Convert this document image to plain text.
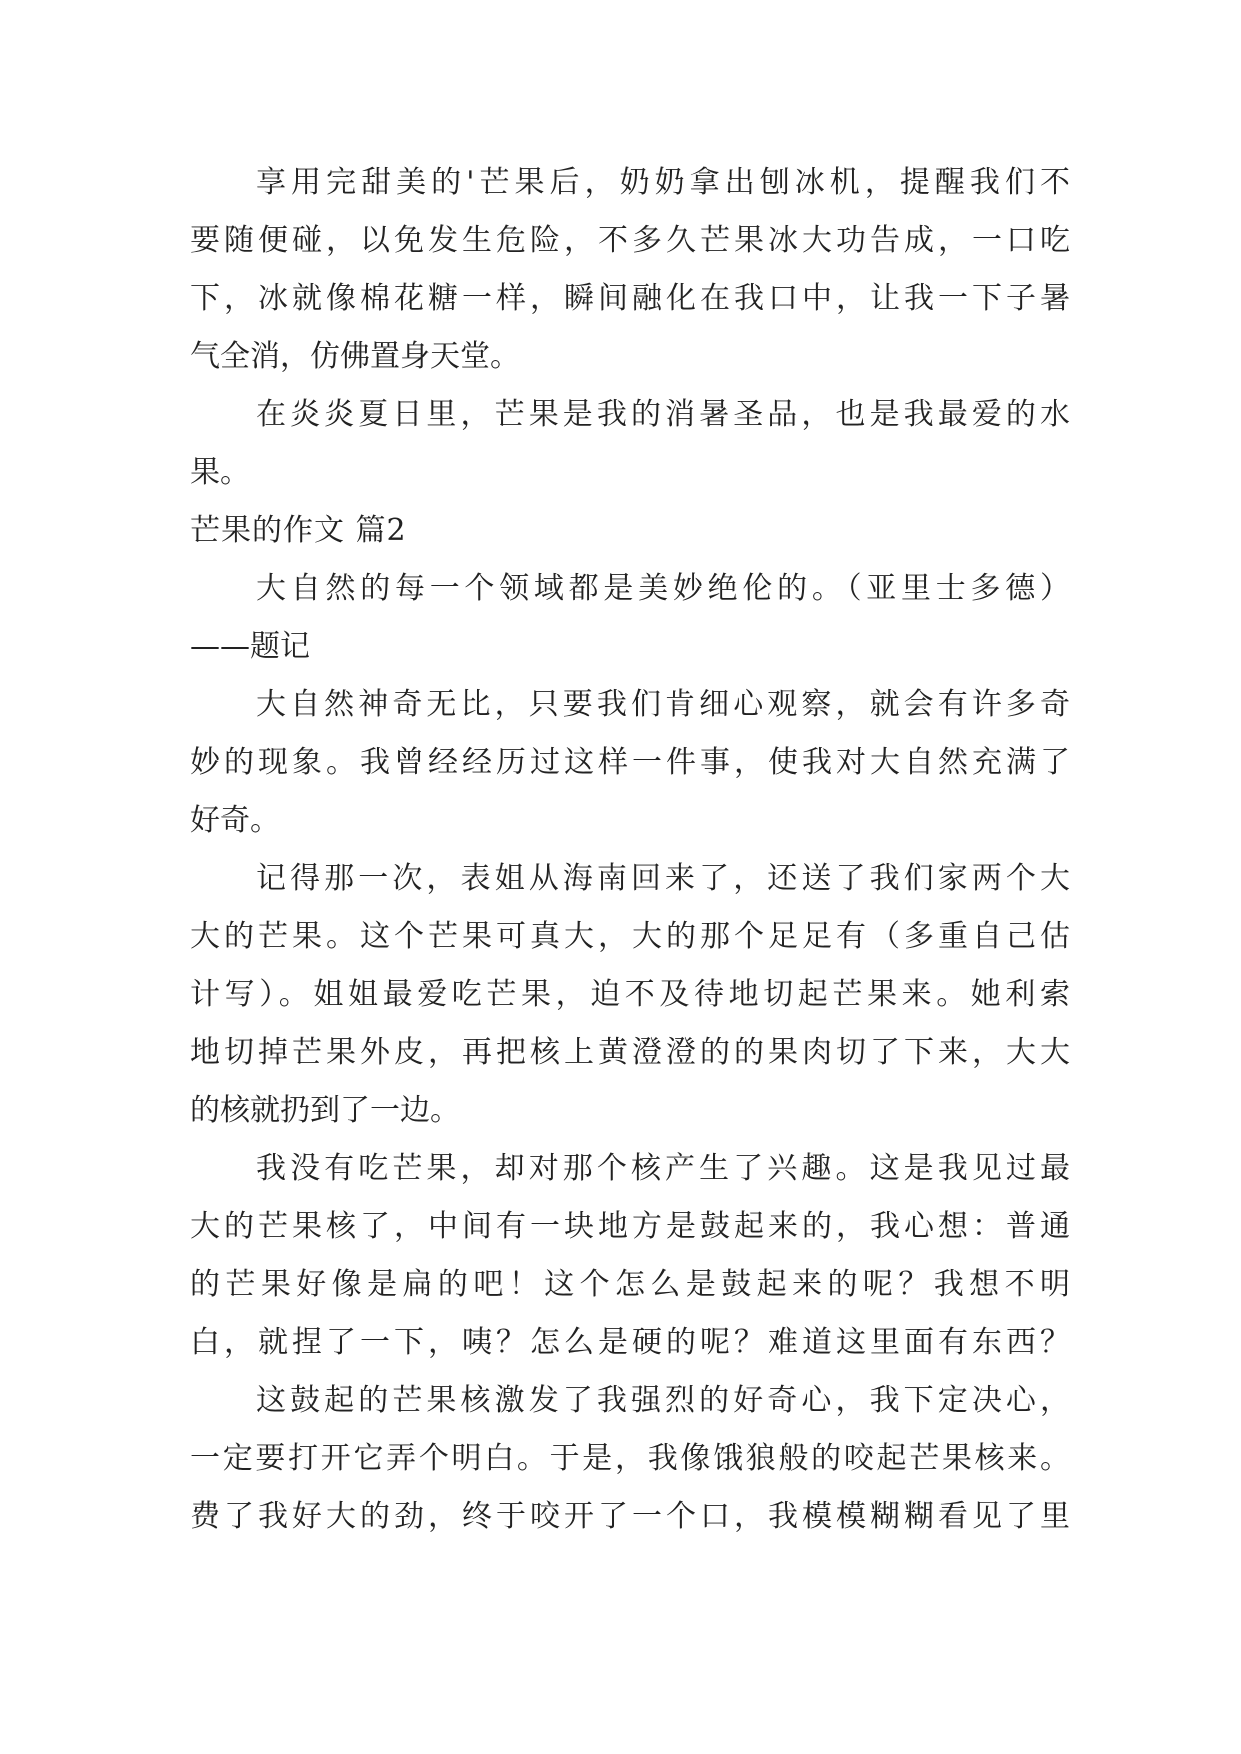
享用完甜美的'芒果后，奶奶拿出刨冰机，提醒我们不
要随便碰，以免发生危险，不多久芒果冰大功告成，一口吃
下，冰就像棉花糖一样，瞬间融化在我口中，让我一下子暑
气全消，仿佛置身天堂。
在炎炎夏日里，芒果是我的消暑圣品，也是我最爱的水
果。
芒果的作文 篇2
大自然的每一个领域都是美妙绝伦的。（亚里士多德）
——题记
大自然神奇无比，只要我们肯细心观察，就会有许多奇
妙的现象。我曾经经历过这样一件事，使我对大自然充满了
好奇。
记得那一次，表姐从海南回来了，还送了我们家两个大
大的芒果。这个芒果可真大，大的那个足足有（多重自己估
计写）。姐姐最爱吃芒果，迫不及待地切起芒果来。她利索
地切掉芒果外皮，再把核上黄澄澄的的果肉切了下来，大大
的核就扔到了一边。
我没有吃芒果，却对那个核产生了兴趣。这是我见过最
大的芒果核了，中间有一块地方是鼓起来的，我心想：普通
的芒果好像是扁的吧！这个怎么是鼓起来的呢？我想不明
白，就捏了一下，咦？怎么是硬的呢？难道这里面有东西？
这鼓起的芒果核激发了我强烈的好奇心，我下定决心，
一定要打开它弄个明白。于是，我像饿狼般的咬起芒果核来。
费了我好大的劲，终于咬开了一个口，我模模糊糊看见了里
